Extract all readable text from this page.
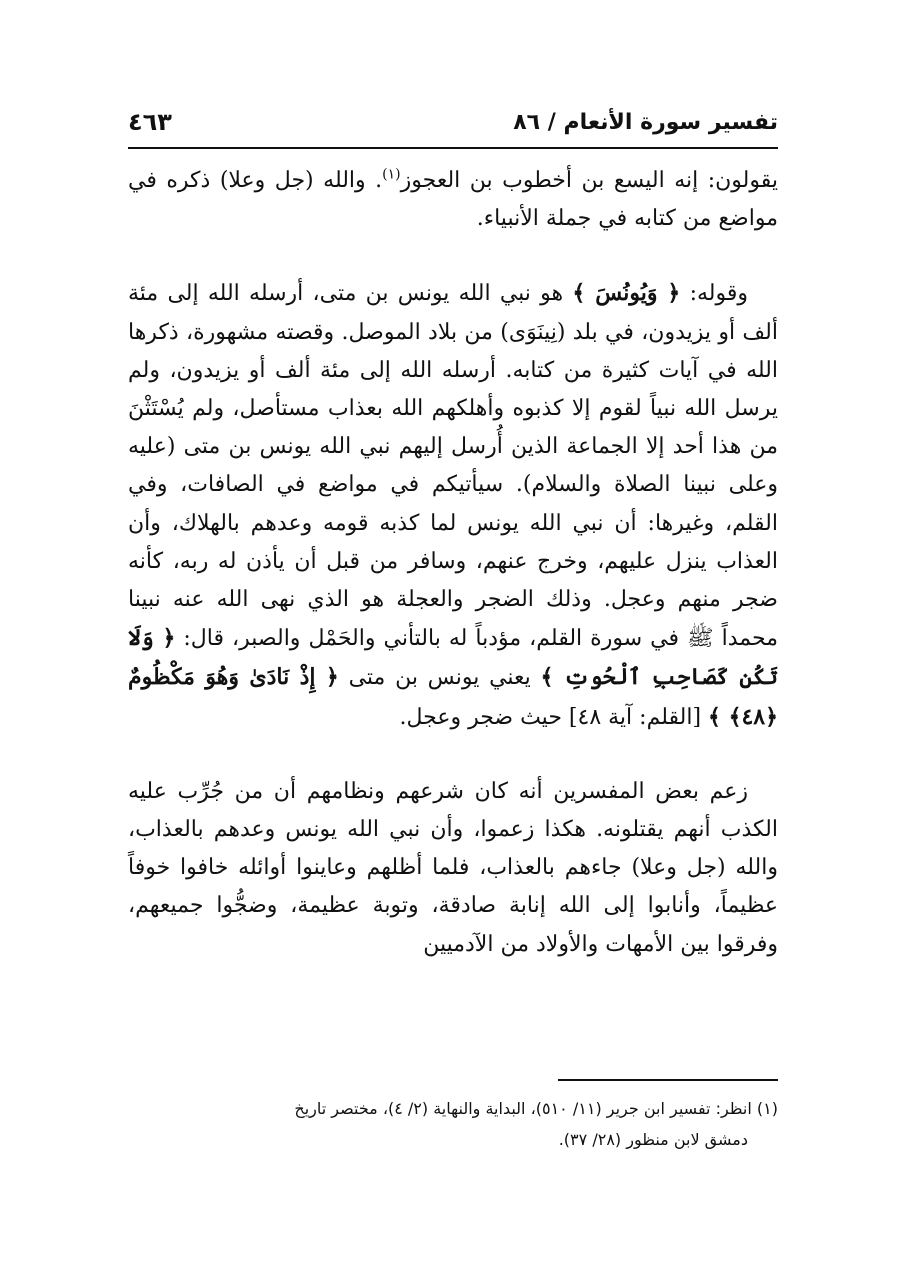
تفسير سورة الأنعام / ٨٦
٤٦٣

يقولون: إنه اليسع بن أخطوب بن العجوز$^{(١)}$. والله (جل وعلا) ذكره في مواضع من كتابه في جملة الأنبياء.

وقوله: ﴿ وَيُونُسَ ﴾ هو نبي الله يونس بن متى، أرسله الله إلى مئة ألف أو يزيدون، في بلد (نِينَوَى) من بلاد الموصل. وقصته مشهورة، ذكرها الله في آيات كثيرة من كتابه. أرسله الله إلى مئة ألف أو يزيدون، ولم يرسل الله نبياً لقوم إلا كذبوه وأهلكهم الله بعذاب مستأصل، ولم يُسْتَثْنَ من هذا أحد إلا الجماعة الذين أُرسل إليهم نبي الله يونس بن متى (عليه وعلى نبينا الصلاة والسلام). سيأتيكم في مواضع في الصافات، وفي القلم، وغيرها: أن نبي الله يونس لما كذبه قومه وعدهم بالهلاك، وأن العذاب ينزل عليهم، وخرج عنهم، وسافر من قبل أن يأذن له ربه، كأنه ضجر منهم وعجل. وذلك الضجر والعجلة هو الذي نهى الله عنه نبينا محمداً ﷺ في سورة القلم، مؤدباً له بالتأني والحَمْل والصبر، قال: ﴿ وَلَا تَكُن كَصَاحِبِ ٱلْحُوتِ ﴾ يعني يونس بن متى ﴿ إِذْ نَادَىٰ وَهُوَ مَكْظُومٌ ﴿٤٨﴾ ﴾ [القلم: آية ٤٨] حيث ضجر وعجل.

زعم بعض المفسرين أنه كان شرعهم ونظامهم أن من جُرِّب عليه الكذب أنهم يقتلونه. هكذا زعموا، وأن نبي الله يونس وعدهم بالعذاب، والله (جل وعلا) جاءهم بالعذاب، فلما أظلهم وعاينوا أوائله خافوا خوفاً عظيماً، وأنابوا إلى الله إنابة صادقة، وتوبة عظيمة، وضجُّوا جميعهم، وفرقوا بين الأمهات والأولاد من الآدميين

(١) انظر: تفسير ابن جرير (١١/ ٥١٠)، البداية والنهاية (٢/ ٤)، مختصر تاريخ
دمشق لابن منظور (٢٨/ ٣٧).
